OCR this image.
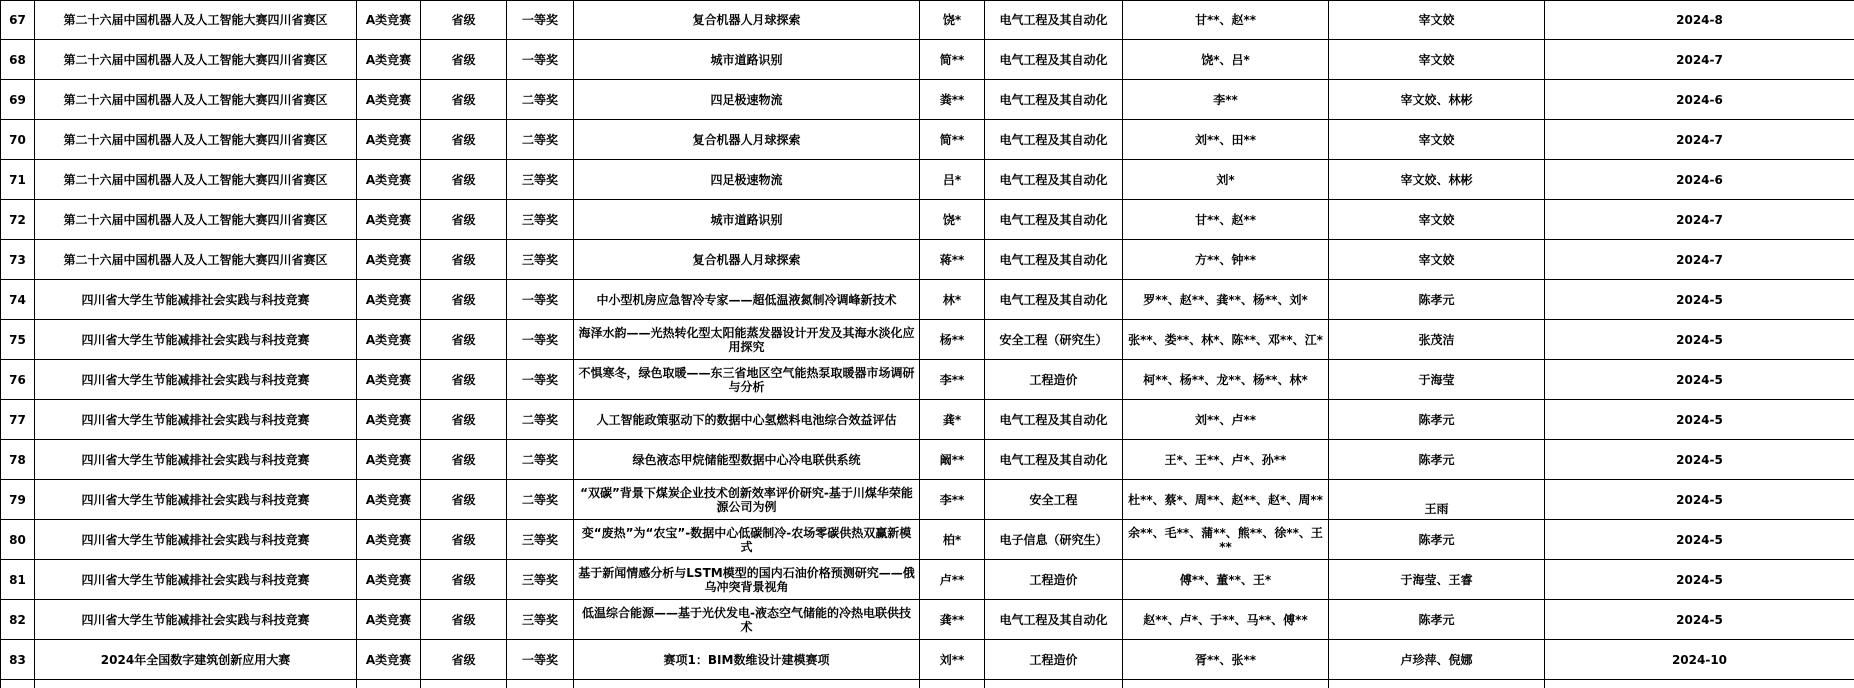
67	第二十六届中国机器人及人工智能大赛四川省赛区	A类竞赛	省级	一等奖	复合机器人月球探索	饶*	电气工程及其自动化	甘**、赵**	宰文姣	2024-8
68	第二十六届中国机器人及人工智能大赛四川省赛区	A类竞赛	省级	一等奖	城市道路识别	简**	电气工程及其自动化	饶*、吕*	宰文姣	2024-7
69	第二十六届中国机器人及人工智能大赛四川省赛区	A类竞赛	省级	二等奖	四足极速物流	粪**	电气工程及其自动化	李**	宰文姣、林彬	2024-6
70	第二十六届中国机器人及人工智能大赛四川省赛区	A类竞赛	省级	二等奖	复合机器人月球探索	简**	电气工程及其自动化	刘**、田**	宰文姣	2024-7
71	第二十六届中国机器人及人工智能大赛四川省赛区	A类竞赛	省级	三等奖	四足极速物流	吕*	电气工程及其自动化	刘*	宰文姣、林彬	2024-6
72	第二十六届中国机器人及人工智能大赛四川省赛区	A类竞赛	省级	三等奖	城市道路识别	饶*	电气工程及其自动化	甘**、赵**	宰文姣	2024-7
73	第二十六届中国机器人及人工智能大赛四川省赛区	A类竞赛	省级	三等奖	复合机器人月球探索	蒋**	电气工程及其自动化	方**、钟**	宰文姣	2024-7
74	四川省大学生节能减排社会实践与科技竞赛	A类竞赛	省级	一等奖	中小型机房应急智冷专家——超低温液氮制冷调峰新技术	林*	电气工程及其自动化	罗**、赵**、龚**、杨**、刘*	陈孝元	2024-5
75	四川省大学生节能减排社会实践与科技竞赛	A类竞赛	省级	一等奖	海泽水韵——光热转化型太阳能蒸发器设计开发及其海水淡化应用探究	杨**	安全工程（研究生）	张**、娄**、林*、陈**、邓**、江*	张茂洁	2024-5
76	四川省大学生节能减排社会实践与科技竞赛	A类竞赛	省级	一等奖	不惧寒冬，绿色取暖——东三省地区空气能热泵取暖器市场调研与分析	李**	工程造价	柯**、杨**、龙**、杨**、林*	于海莹	2024-5
77	四川省大学生节能减排社会实践与科技竞赛	A类竞赛	省级	二等奖	人工智能政策驱动下的数据中心氢燃料电池综合效益评估	龚*	电气工程及其自动化	刘**、卢**	陈孝元	2024-5
78	四川省大学生节能减排社会实践与科技竞赛	A类竞赛	省级	二等奖	绿色液态甲烷储能型数据中心冷电联供系统	阚**	电气工程及其自动化	王*、王**、卢*、孙**	陈孝元	2024-5
79	四川省大学生节能减排社会实践与科技竞赛	A类竞赛	省级	二等奖	“双碳”背景下煤炭企业技术创新效率评价研究-基于川煤华荣能源公司为例	李**	安全工程	杜**、蔡*、周**、赵**、赵*、周**	王雨	2024-5
80	四川省大学生节能减排社会实践与科技竞赛	A类竞赛	省级	三等奖	变“废热”为“农宝”-数据中心低碳制冷-农场零碳供热双赢新模式	柏*	电子信息（研究生）	余**、毛**、蒲**、熊**、徐**、王**	陈孝元	2024-5
81	四川省大学生节能减排社会实践与科技竞赛	A类竞赛	省级	三等奖	基于新闻情感分析与LSTM模型的国内石油价格预测研究——俄乌冲突背景视角	卢**	工程造价	傅**、董**、王*	于海莹、王睿	2024-5
82	四川省大学生节能减排社会实践与科技竞赛	A类竞赛	省级	三等奖	低温综合能源——基于光伏发电-液态空气储能的冷热电联供技术	龚**	电气工程及其自动化	赵**、卢*、于**、马**、傅**	陈孝元	2024-5
83	2024年全国数字建筑创新应用大赛	A类竞赛	省级	一等奖	赛项1：BIM数维设计建模赛项	刘**	工程造价	胥**、张**	卢珍萍、倪娜	2024-10
